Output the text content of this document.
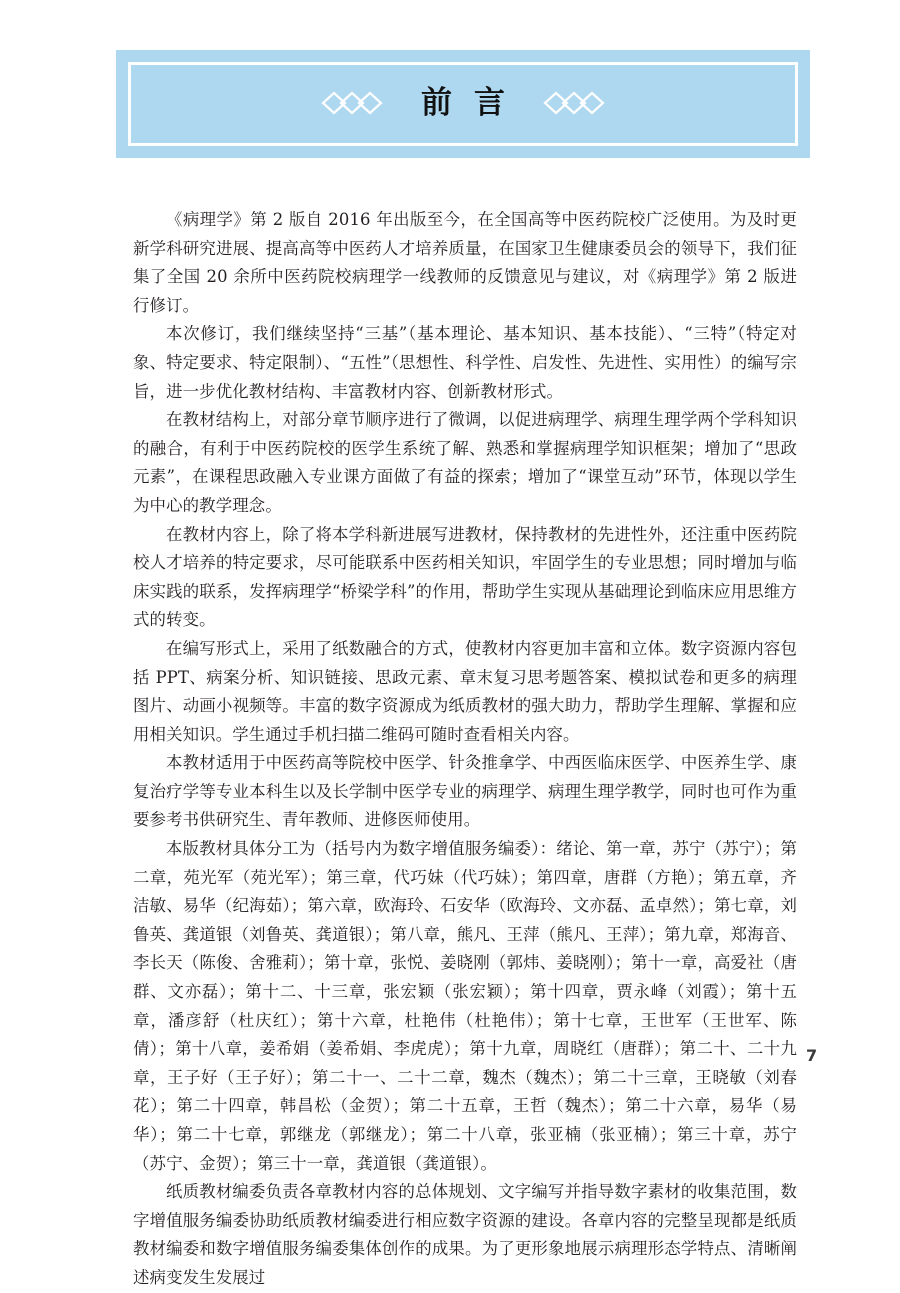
前言

《病理学》第 2 版自 2016 年出版至今，在全国高等中医药院校广泛使用。为及时更新学科研究进展、提高高等中医药人才培养质量，在国家卫生健康委员会的领导下，我们征集了全国 20 余所中医药院校病理学一线教师的反馈意见与建议，对《病理学》第 2 版进行修订。

本次修订，我们继续坚持“三基”（基本理论、基本知识、基本技能）、“三特”（特定对象、特定要求、特定限制）、“五性”（思想性、科学性、启发性、先进性、实用性）的编写宗旨，进一步优化教材结构、丰富教材内容、创新教材形式。

在教材结构上，对部分章节顺序进行了微调，以促进病理学、病理生理学两个学科知识的融合，有利于中医药院校的医学生系统了解、熟悉和掌握病理学知识框架；增加了“思政元素”，在课程思政融入专业课方面做了有益的探索；增加了“课堂互动”环节，体现以学生为中心的教学理念。

在教材内容上，除了将本学科新进展写进教材，保持教材的先进性外，还注重中医药院校人才培养的特定要求，尽可能联系中医药相关知识，牢固学生的专业思想；同时增加与临床实践的联系，发挥病理学“桥梁学科”的作用，帮助学生实现从基础理论到临床应用思维方式的转变。

在编写形式上，采用了纸数融合的方式，使教材内容更加丰富和立体。数字资源内容包括 PPT、病案分析、知识链接、思政元素、章末复习思考题答案、模拟试卷和更多的病理图片、动画小视频等。丰富的数字资源成为纸质教材的强大助力，帮助学生理解、掌握和应用相关知识。学生通过手机扫描二维码可随时查看相关内容。

本教材适用于中医药高等院校中医学、针灸推拿学、中西医临床医学、中医养生学、康复治疗学等专业本科生以及长学制中医学专业的病理学、病理生理学教学，同时也可作为重要参考书供研究生、青年教师、进修医师使用。

本版教材具体分工为（括号内为数字增值服务编委）：绪论、第一章，苏宁（苏宁）；第二章，苑光军（苑光军）；第三章，代巧妹（代巧妹）；第四章，唐群（方艳）；第五章，齐洁敏、易华（纪海茹）；第六章，欧海玲、石安华（欧海玲、文亦磊、孟卓然）；第七章，刘鲁英、龚道银（刘鲁英、龚道银）；第八章，熊凡、王萍（熊凡、王萍）；第九章，郑海音、李长天（陈俊、舍雅莉）；第十章，张悦、姜晓刚（郭炜、姜晓刚）；第十一章，高爱社（唐群、文亦磊）；第十二、十三章，张宏颖（张宏颖）；第十四章，贾永峰（刘霞）；第十五章，潘彦舒（杜庆红）；第十六章，杜艳伟（杜艳伟）；第十七章，王世军（王世军、陈倩）；第十八章，姜希娟（姜希娟、李虎虎）；第十九章，周晓红（唐群）；第二十、二十九章，王子好（王子好）；第二十一、二十二章，魏杰（魏杰）；第二十三章，王晓敏（刘春花）；第二十四章，韩昌松（金贺）；第二十五章，王哲（魏杰）；第二十六章，易华（易华）；第二十七章，郭继龙（郭继龙）；第二十八章，张亚楠（张亚楠）；第三十章，苏宁（苏宁、金贺）；第三十一章，龚道银（龚道银）。

纸质教材编委负责各章教材内容的总体规划、文字编写并指导数字素材的收集范围，数字增值服务编委协助纸质教材编委进行相应数字资源的建设。各章内容的完整呈现都是纸质教材编委和数字增值服务编委集体创作的成果。为了更形象地展示病理形态学特点、清晰阐述病变发生发展过

7
